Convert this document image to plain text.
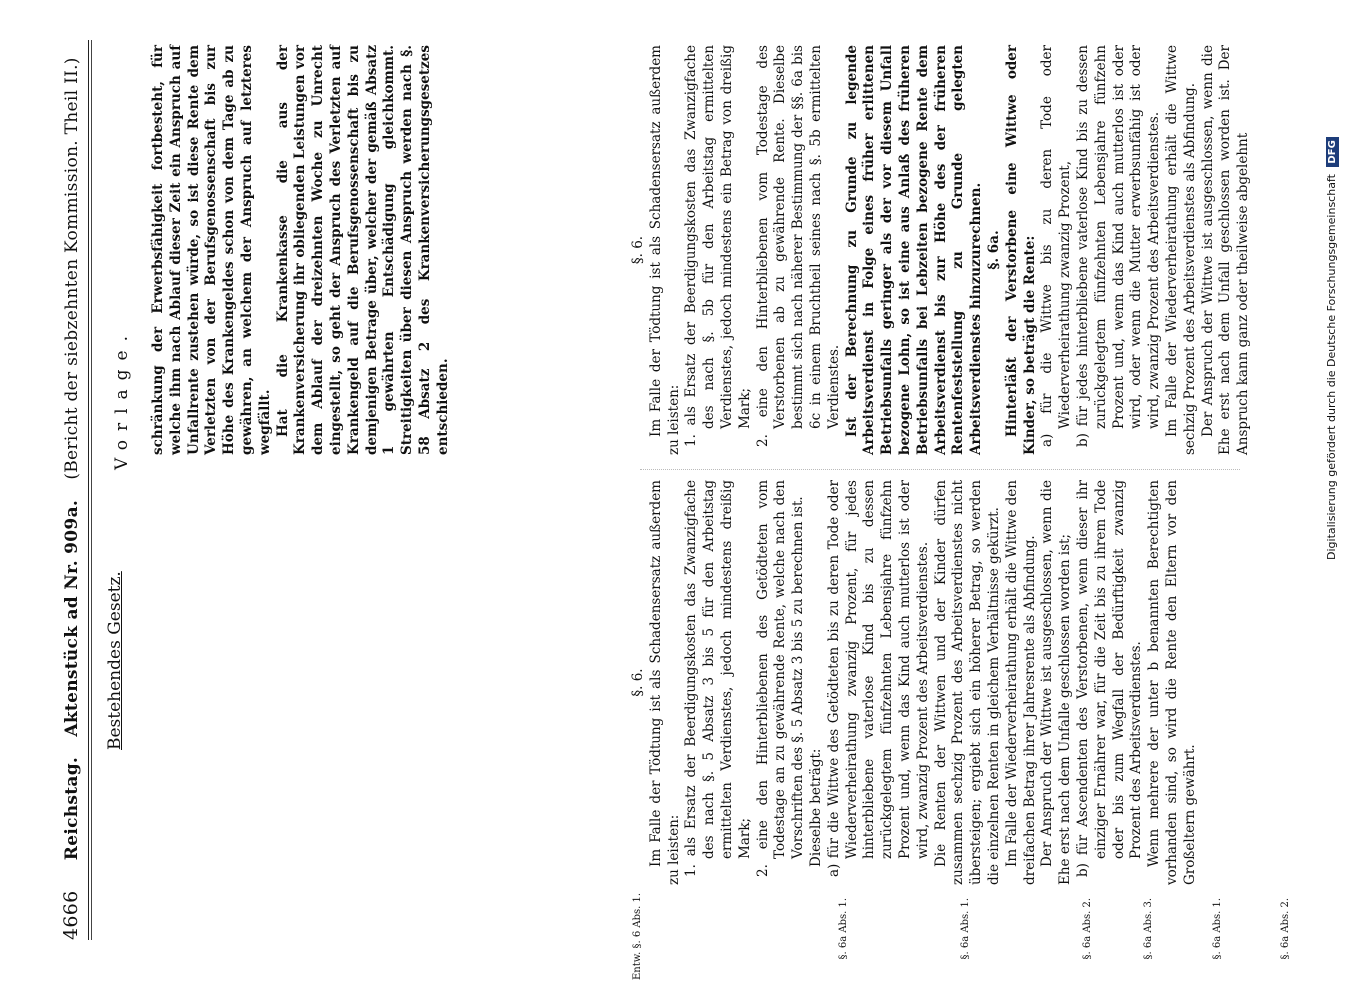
4666 Reichstag. Aktenstück ad Nr. 909a. (Bericht der siebzehnten Kommission. Theil II.)
Bestehendes Gesetz.
Vorlage. schränkung der Erwerbsfähigkeit fortbesteht, für welche ihm nach Ablauf dieser Zeit ein Anspruch auf Unfallrente zustehen würde, so ist diese Rente dem Verletzten von der Berufsgenossenschaft bis zur Höhe des Krankengeldes schon von dem Tage ab zu gewähren, an welchem der Anspruch auf letzteres wegfällt. Hat die Krankenkasse die aus der Krankenversicherung ihr obliegenden Leistungen vor dem Ablauf der dreizehnten Woche zu Unrecht eingestellt, so geht der Anspruch des Verletzten auf Krankengeld auf die Berufsgenossenschaft bis zu demjenigen Betrage über, welcher der gemäß Absatz 1 gewährten Entschädigung gleichkommt. Streitigkeiten über diesen Anspruch werden nach §. 58 Absatz 2 des Krankenversicherungsgesetzes entschieden.

§. 6. Im Falle der Tödtung ist als Schadensersatz außerdem zu leisten: 1. als Ersatz der Beerdigungskosten das Zwanzigfache des nach §. 5 Absatz 3 bis 5 für den Arbeitstag ermittelten Verdienstes, jedoch mindestens dreißig Mark; 2. eine den Hinterbliebenen des Getödteten vom Todestage an zu gewährende Rente, welche nach den Vorschriften des §. 5 Absatz 3 bis 5 zu berechnen ist. Dieselbe beträgt: a) für die Wittwe des Getödteten bis zu deren Tode oder Wiederverheirathung zwanzig Prozent, für jedes hinterbliebene vaterlose Kind bis zu dessen zurückgelegtem fünfzehnten Lebensjahre fünfzehn Prozent und, wenn das Kind auch mutterlos ist oder wird, zwanzig Prozent des Arbeitsverdienstes. Die Renten der Wittwen und der Kinder dürfen zusammen sechzig Prozent des Arbeitsverdienstes nicht übersteigen; ergiebt sich ein höherer Betrag, so werden die einzelnen Renten in gleichem Verhältnisse gekürzt. Im Falle der Wiederverheirathung erhält die Wittwe den dreifachen Betrag ihrer Jahresrente als Abfindung. Der Anspruch der Wittwe ist ausgeschlossen, wenn die Ehe erst nach dem Unfalle geschlossen worden ist; b) für Ascendenten des Verstorbenen, wenn dieser ihr einziger Ernährer war, für die Zeit bis zu ihrem Tode oder bis zum Wegfall der Bedürftigkeit zwanzig Prozent des Arbeitsverdienstes. Wenn mehrere der unter b benannten Berechtigten vorhanden sind, so wird die Rente den Eltern vor den Großeltern gewährt.

§. 6. Im Falle der Tödtung ist als Schadensersatz außerdem zu leisten: 1. als Ersatz der Beerdigungskosten das Zwanzigfache des nach §. 5b für den Arbeitstag ermittelten Verdienstes, jedoch mindestens ein Betrag von dreißig Mark; 2. eine den Hinterbliebenen vom Todestage des Verstorbenen ab zu gewährende Rente. Dieselbe bestimmt sich nach näherer Bestimmung der §§. 6a bis 6c in einem Bruchtheil seines nach §. 5b ermittelten Verdienstes. Ist der Berechnung zu Grunde zu legende Arbeitsverdienst in Folge eines früher erlittenen Betriebsunfalls geringer als der vor diesem Unfall bezogene Lohn, so ist eine aus Anlaß des früheren Betriebsunfalls bei Lebzeiten bezogene Rente dem Arbeitsverdienst bis zur Höhe des der früheren Rentenfeststellung zu Grunde gelegten Arbeitsverdienstes hinzuzurechnen. §. 6a. Hinterläßt der Verstorbene eine Wittwe oder Kinder, so beträgt die Rente: a) für die Wittwe bis zu deren Tode oder Wiederverheirathung zwanzig Prozent, b) für jedes hinterbliebene vaterlose Kind bis zu dessen zurückgelegtem fünfzehnten Lebensjahre fünfzehn Prozent und, wenn das Kind auch mutterlos ist oder wird, oder wenn die Mutter erwerbsunfähig ist oder wird, zwanzig Prozent des Arbeitsverdienstes. Im Falle der Wiederverheirathung erhält die Wittwe sechzig Prozent des Arbeitsverdienstes als Abfindung. Der Anspruch der Wittwe ist ausgeschlossen, wenn die Ehe erst nach dem Unfall geschlossen worden ist. Der Anspruch kann ganz oder theilweise abgelehnt

Entw. §. 6 Abs. 1.	§. 6a Abs. 1.	§. 6a Abs. 1.	§. 6a Abs. 2.	§. 6a Abs. 3.	§. 6a Abs. 1.	§. 6a Abs. 2.
Digitalisierung gefördert durch die Deutsche Forschungsgemeinschaft DFG
